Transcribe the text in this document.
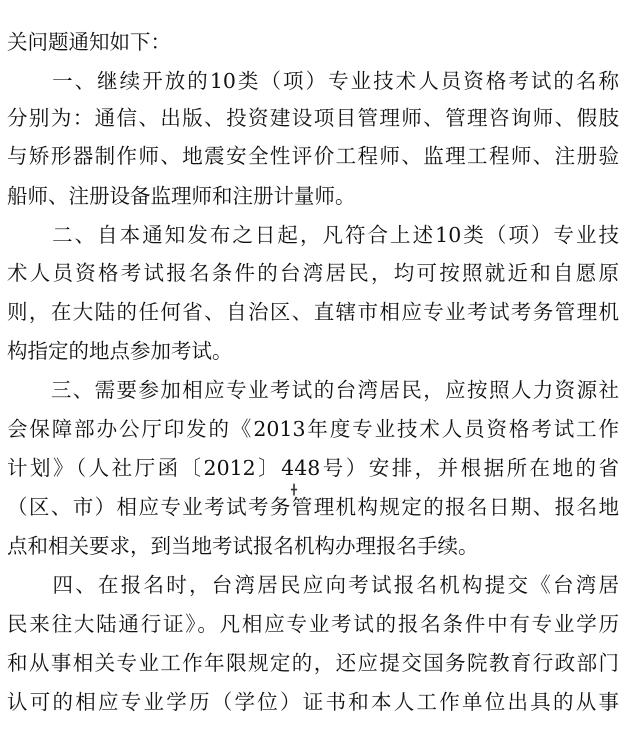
关问题通知如下：
　　一、继续开放的10类（项）专业技术人员资格考试的名称
分别为：通信、出版、投资建设项目管理师、管理咨询师、假肢
与矫形器制作师、地震安全性评价工程师、监理工程师、注册验
船师、注册设备监理师和注册计量师。
　　二、自本通知发布之日起，凡符合上述10类（项）专业技
术人员资格考试报名条件的台湾居民，均可按照就近和自愿原
则，在大陆的任何省、自治区、直辖市相应专业考试考务管理机
构指定的地点参加考试。
　　三、需要参加相应专业考试的台湾居民，应按照人力资源社
会保障部办公厅印发的《2013年度专业技术人员资格考试工作
计划》（人社厅函〔2012〕448号）安排，并根据所在地的省
（区、市）相应专业考试考务管理机构规定的报名日期、报名地
点和相关要求，到当地考试报名机构办理报名手续。
　　四、在报名时，台湾居民应向考试报名机构提交《台湾居
民来往大陆通行证》。凡相应专业考试的报名条件中有专业学历
和从事相关专业工作年限规定的，还应提交国务院教育行政部门
认可的相应专业学历（学位）证书和本人工作单位出具的从事
╋
